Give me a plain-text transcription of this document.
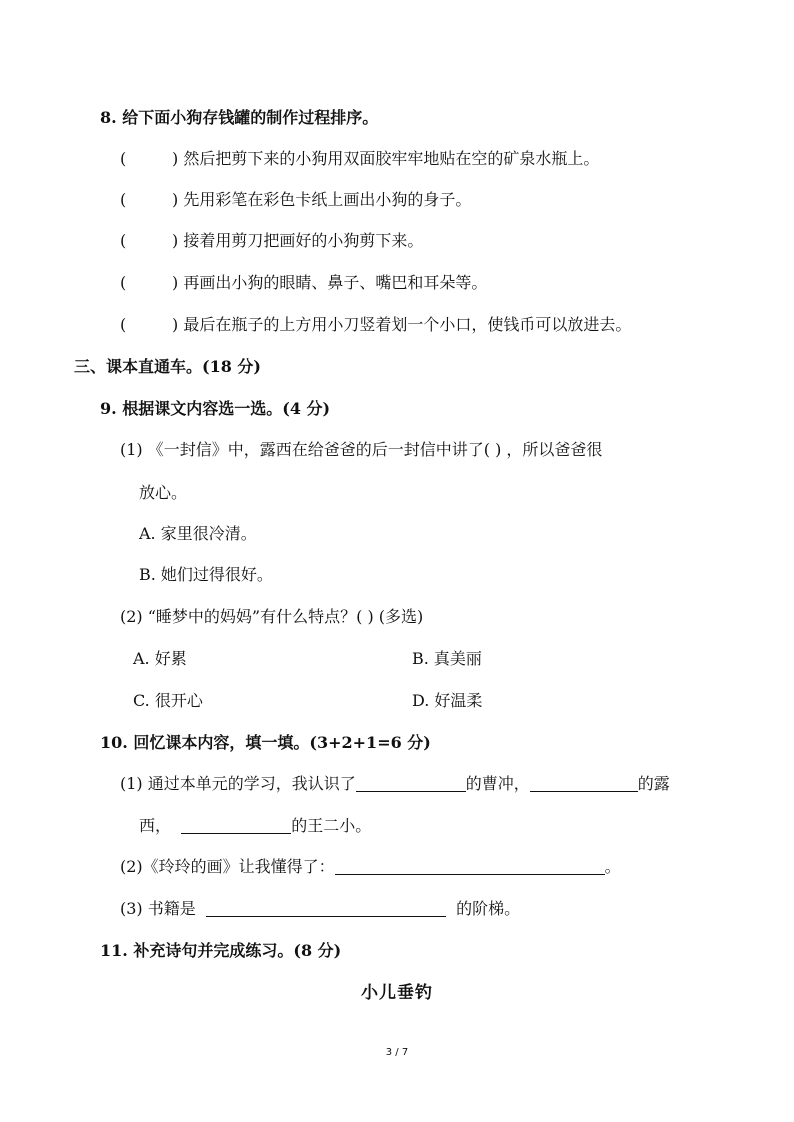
8. 给下面小狗存钱罐的制作过程排序。
(         ) 然后把剪下来的小狗用双面胶牢牢地贴在空的矿泉水瓶上。
(         ) 先用彩笔在彩色卡纸上画出小狗的身子。
(         ) 接着用剪刀把画好的小狗剪下来。
(         ) 再画出小狗的眼睛、鼻子、嘴巴和耳朵等。
(         ) 最后在瓶子的上方用小刀竖着划一个小口，使钱币可以放进去。
三、课本直通车。(18 分)
9. 根据课文内容选一选。(4 分)
(1) 《一封信》中，露西在给爸爸的后一封信中讲了( ) ，所以爸爸很
放心。
A. 家里很冷清。
B. 她们过得很好。
(2) “睡梦中的妈妈”有什么特点？( ) (多选)
A. 好累	B. 真美丽
C. 很开心	D. 好温柔
10. 回忆课本内容，填一填。(3+2+1=6 分)
(1) 通过本单元的学习，我认识了	的曹冲，	的露
西，	的王二小。
(2)《玲玲的画》让我懂得了：	。
(3) 书籍是	的阶梯。
11. 补充诗句并完成练习。(8 分)
小儿垂钓
3 / 7
